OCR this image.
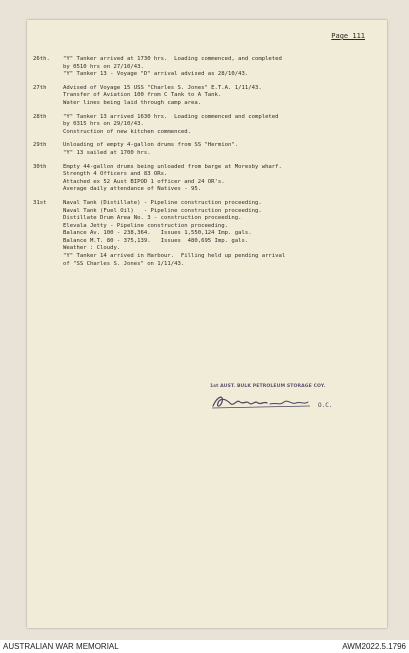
Page 111
26th.	"Y" Tanker arrived at 1730 hrs.  Loading commenced, and completed
by 0510 hrs on 27/10/43.
"Y" Tanker 13 - Voyage "D" arrival advised as 28/10/43.
27th	Advised of Voyage 15 USS "Charles S. Jones" E.T.A. 1/11/43.
Transfer of Aviation 100 from C Tank to A Tank.
Water lines being laid through camp area.
28th	"Y" Tanker 13 arrived 1630 hrs.  Loading commenced and completed
by 0315 hrs on 29/10/43.
Construction of new kitchen commenced.
29th	Unloading of empty 4-gallon drums from SS "Hermion".
"Y" 13 sailed at 1700 hrs.
30th	Empty 44-gallon drums being unloaded from barge at Moresby wharf.
Strength 4 Officers and 83 ORs.
Attached ex 52 Aust BIPOD 1 officer and 24 OR's.
Average daily attendance of Natives - 95.
31st	Naval Tank (Distillate) - Pipeline construction proceeding.
Naval Tank (Fuel Oil)   - Pipeline construction proceeding.
Distillate Drum Area No. 3 - construction proceeding.
Elevala Jetty - Pipeline construction proceeding.
Balance Av. 100 - 238,364.   Issues 1,550,124 Imp. gals.
Balance M.T. 80 - 375,139.   Issues  480,695 Imp. gals.
Weather : Cloudy.
"Y" Tanker 14 arrived in Harbour.  Filling held up pending arrival
of "SS Charles S. Jones" on 1/11/43.
1st AUST. BULK PETROLEUM STORAGE COY.
O.C.
AUSTRALIAN WAR MEMORIAL	AWM2022.5.1796
